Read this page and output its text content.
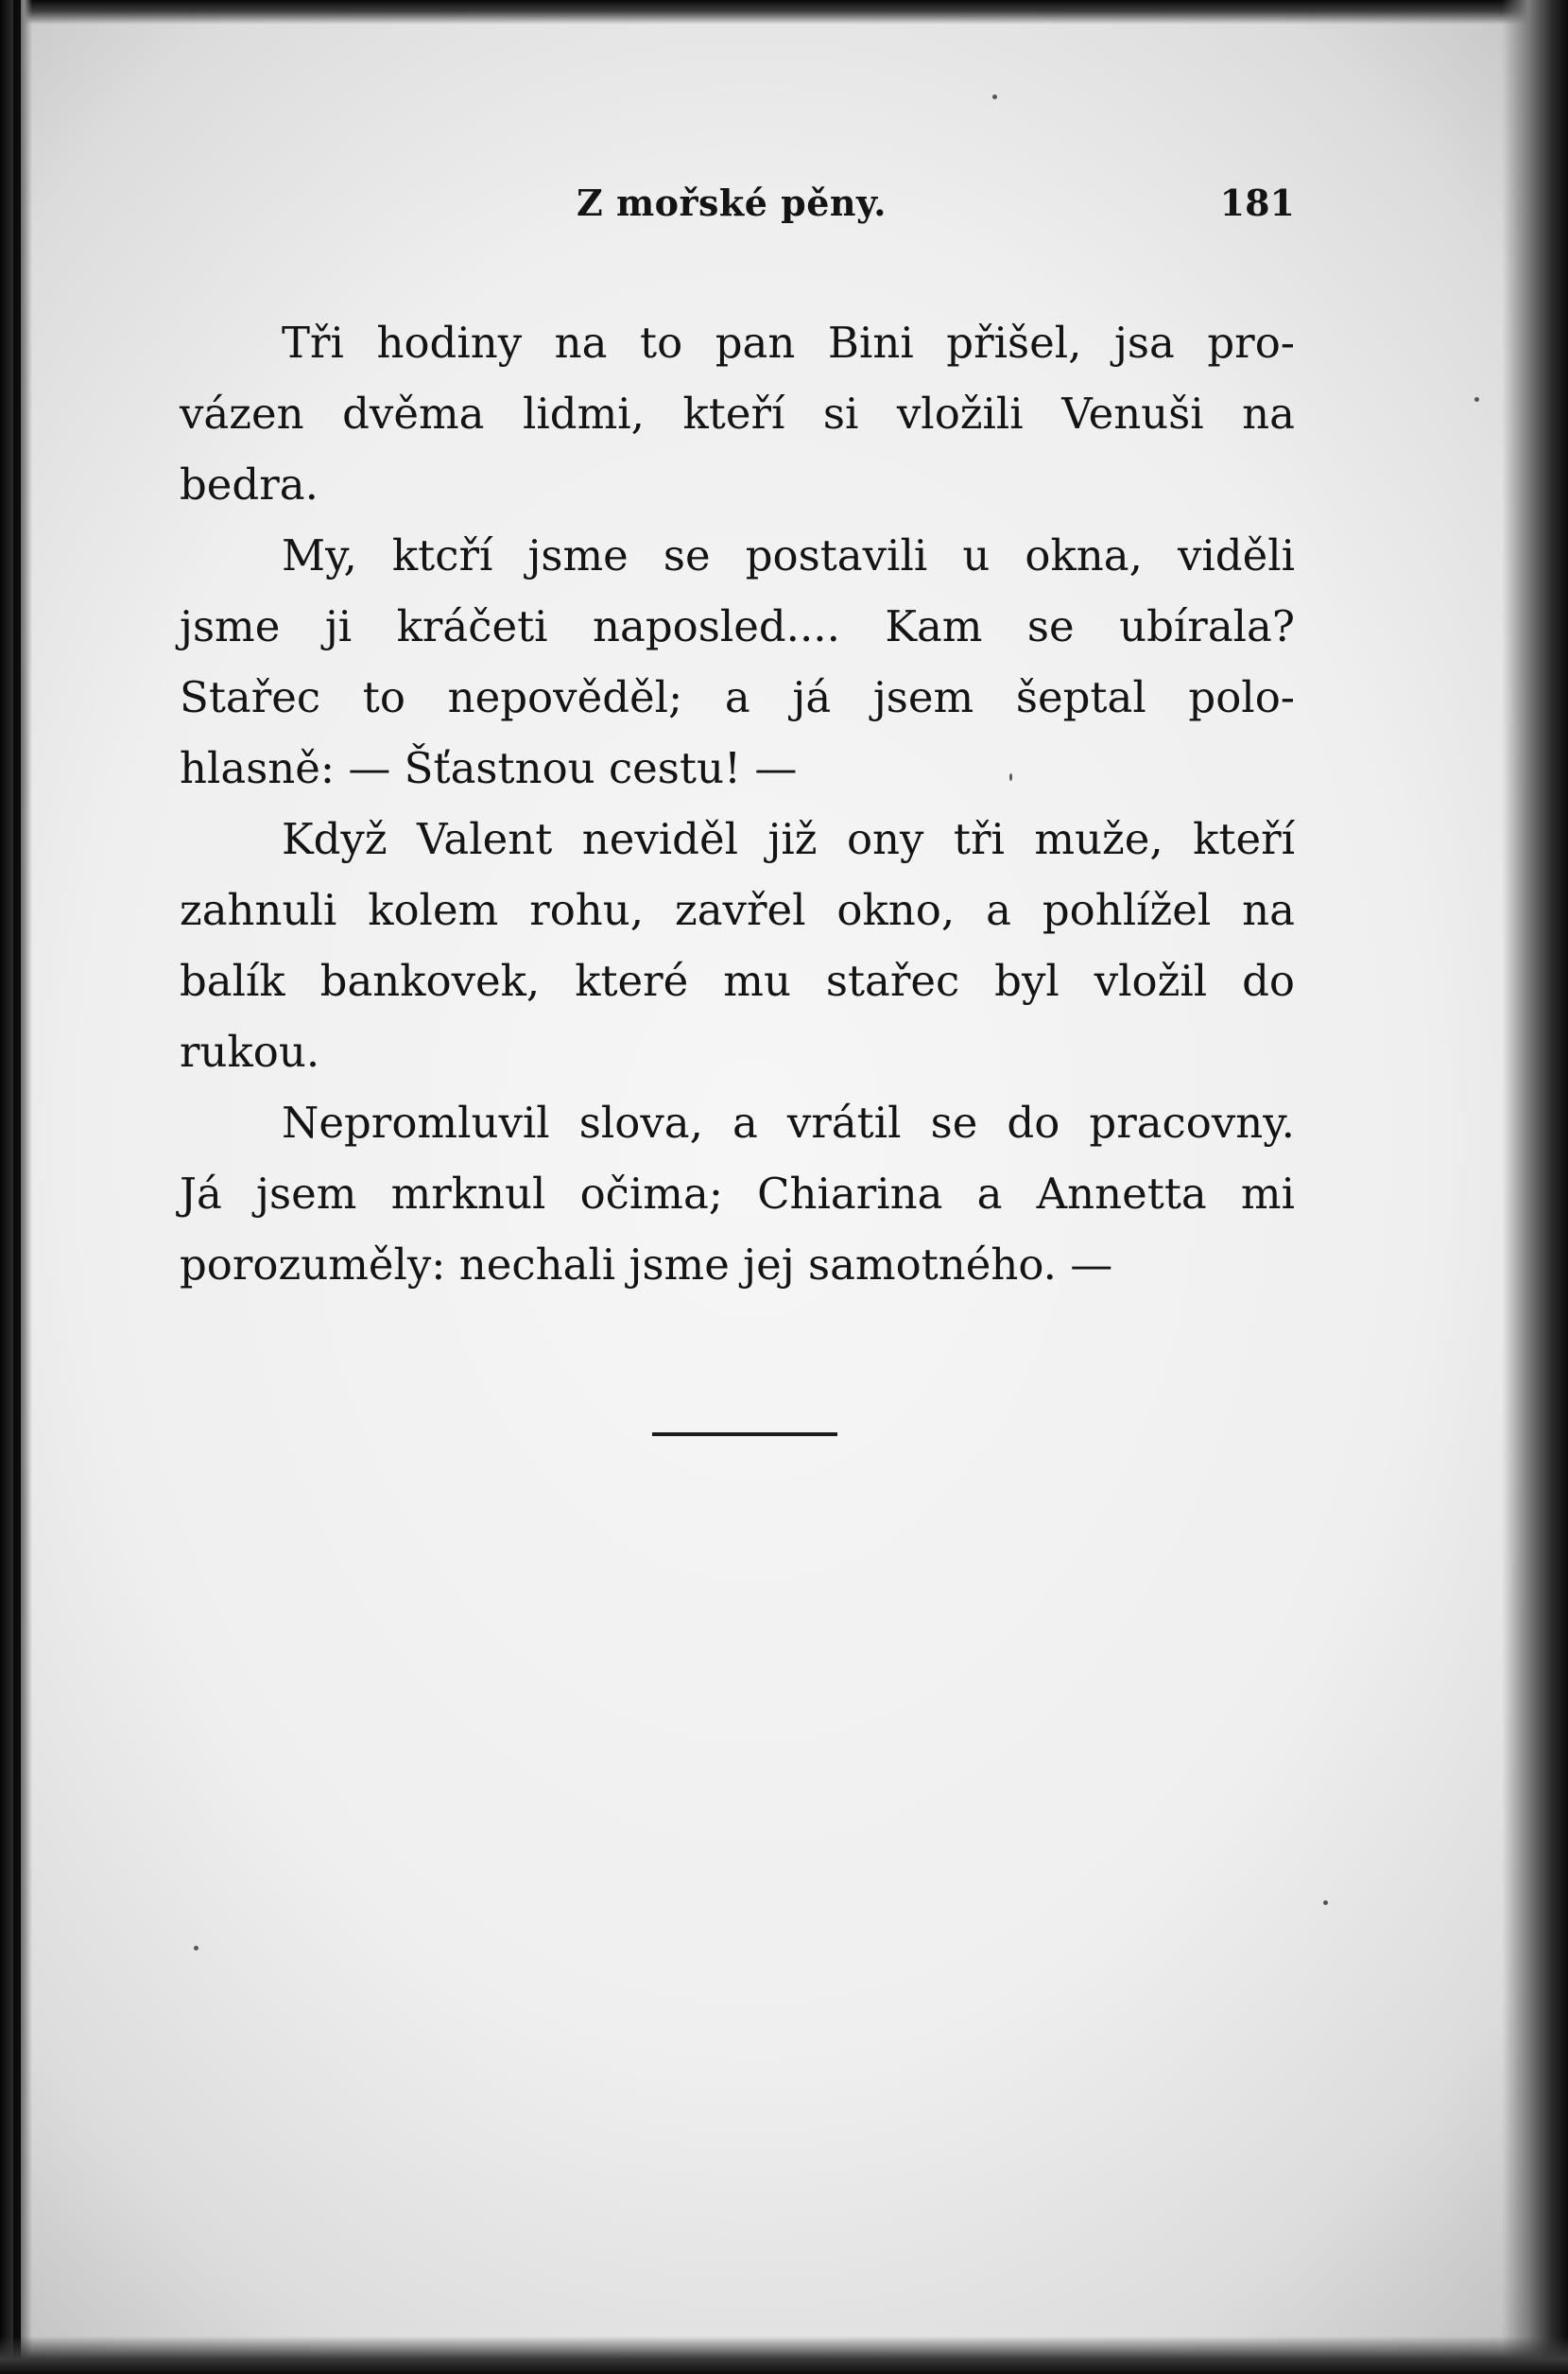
Z mořské pěny.	181
Tři hodiny na to pan Bini přišel, jsa pro-
vázen dvěma lidmi, kteří si vložili Venuši na
bedra.
My, ktcří jsme se postavili u okna, viděli
jsme ji kráčeti naposled.... Kam se ubírala?
Stařec to nepověděl; a já jsem šeptal polo-
hlasně: — Šťastnou cestu! —
Když Valent neviděl již ony tři muže, kteří
zahnuli kolem rohu, zavřel okno, a pohlížel na
balík bankovek, které mu stařec byl vložil do
rukou.
Nepromluvil slova, a vrátil se do pracovny.
Já jsem mrknul očima; Chiarina a Annetta mi
porozuměly: nechali jsme jej samotného. —
